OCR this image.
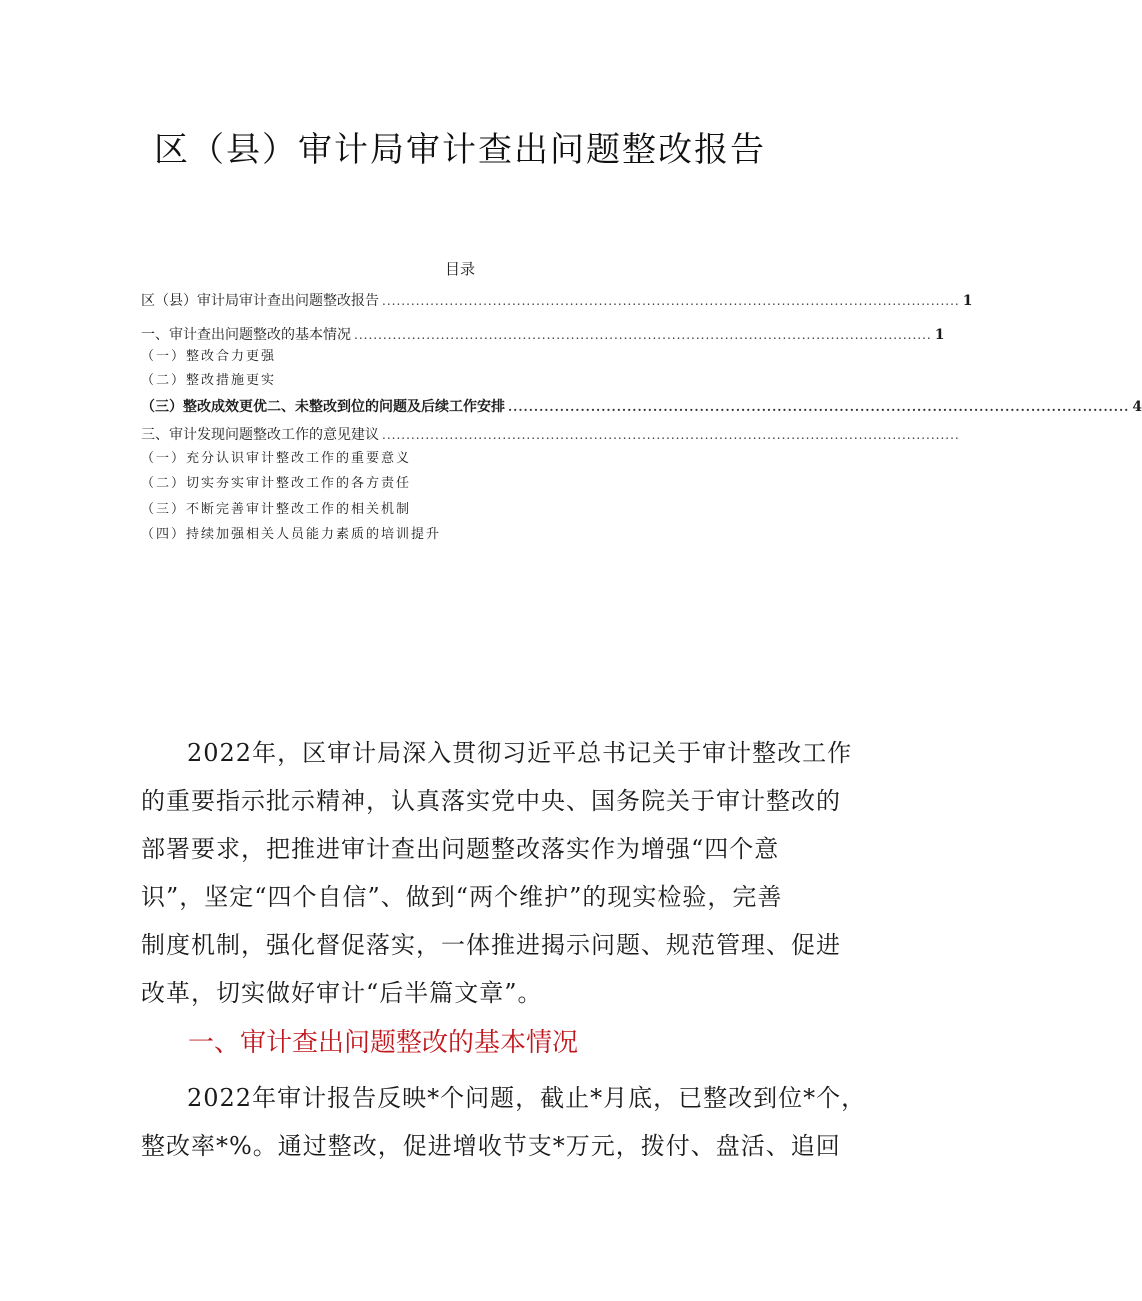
区（县）审计局审计查出问题整改报告
目录
区（县）审计局审计查出问题整改报告 ........................................................................................................................ 1
一、审计查出问题整改的基本情况 ........................................................................................................................ 1
（一）整改合力更强
（二）整改措施更实
（三）整改成效更优二、未整改到位的问题及后续工作安排 ........................................................................................................................ 4
三、审计发现问题整改工作的意见建议 ........................................................................................................................
（一）充分认识审计整改工作的重要意义
（二）切实夯实审计整改工作的各方责任
（三）不断完善审计整改工作的相关机制
（四）持续加强相关人员能力素质的培训提升
2022年，区审计局深入贯彻习近平总书记关于审计整改工作
的重要指示批示精神，认真落实党中央、国务院关于审计整改的
部署要求，把推进审计查出问题整改落实作为增强“四个意
识”，坚定“四个自信”、做到“两个维护”的现实检验，完善
制度机制，强化督促落实，一体推进揭示问题、规范管理、促进
改革，切实做好审计“后半篇文章”。
一、审计查出问题整改的基本情况
2022年审计报告反映*个问题，截止*月底，已整改到位*个，
整改率*%。通过整改，促进增收节支*万元，拨付、盘活、追回
